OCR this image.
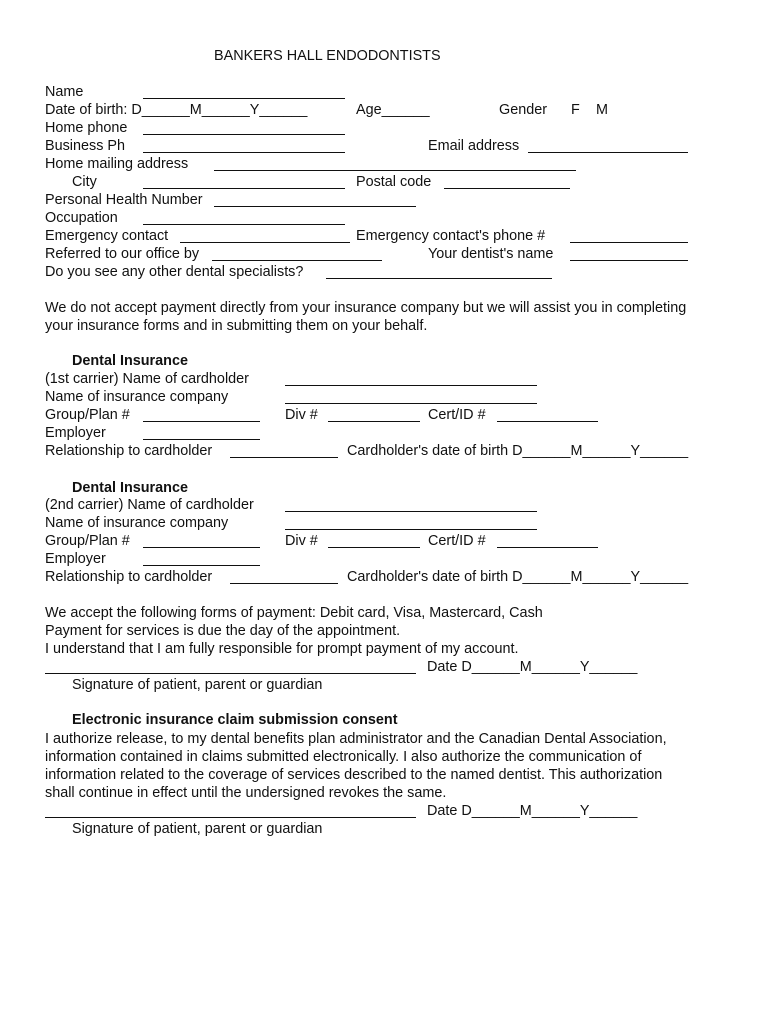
BANKERS HALL ENDODONTISTS
Name
Date of birth: D______M______Y______	Age______	Gender F M
Home phone
Business Ph	Email address
Home mailing address
City	Postal code
Personal Health Number
Occupation
Emergency contact	Emergency contact's phone #
Referred to our office by	Your dentist's name
Do you see any other dental specialists?
We do not accept payment directly from your insurance company but we will assist you in completing
your insurance forms and in submitting them on your behalf.
Dental Insurance
(1st carrier) Name of cardholder
Name of insurance company
Group/Plan #	Div #	Cert/ID #
Employer
Relationship to cardholder	Cardholder's date of birth D______M______Y______
Dental Insurance
(2nd carrier) Name of cardholder
Name of insurance company
Group/Plan #	Div #	Cert/ID #
Employer
Relationship to cardholder	Cardholder's date of birth D______M______Y______
We accept the following forms of payment: Debit card, Visa, Mastercard, Cash
Payment for services is due the day of the appointment.
I understand that I am fully responsible for prompt payment of my account.
Date D______M______Y______
Signature of patient, parent or guardian
Electronic insurance claim submission consent
I authorize release, to my dental benefits plan administrator and the Canadian Dental Association,
information contained in claims submitted electronically. I also authorize the communication of
information related to the coverage of services described to the named dentist. This authorization
shall continue in effect until the undersigned revokes the same.
Date D______M______Y______
Signature of patient, parent or guardian
